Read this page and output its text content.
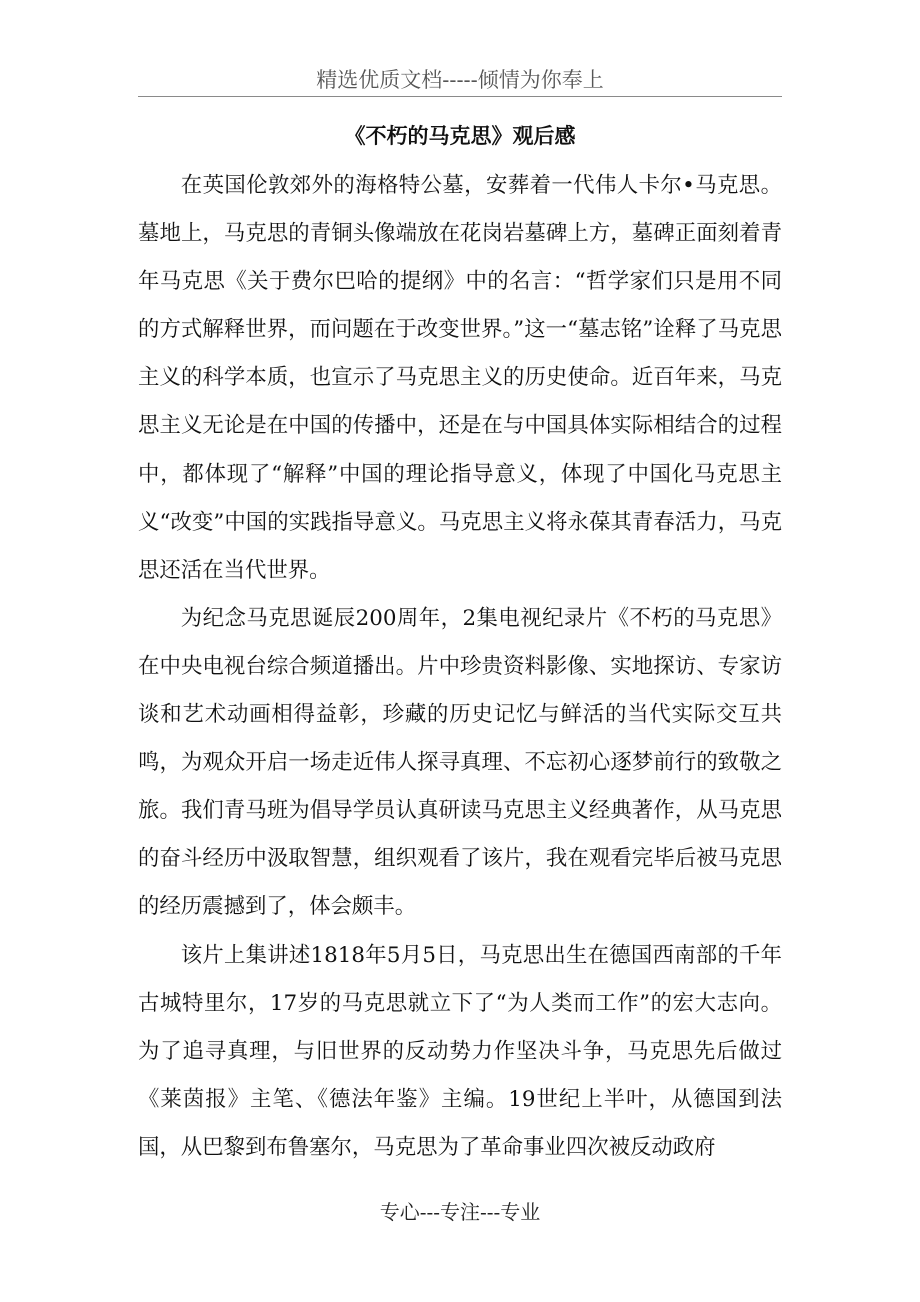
精选优质文档-----倾情为你奉上
《不朽的马克思》观后感

在英国伦敦郊外的海格特公墓，安葬着一代伟人卡尔•马克思。墓地上，马克思的青铜头像端放在花岗岩墓碑上方，墓碑正面刻着青年马克思《关于费尔巴哈的提纲》中的名言：“哲学家们只是用不同的方式解释世界，而问题在于改变世界。”这一“墓志铭”诠释了马克思主义的科学本质，也宣示了马克思主义的历史使命。近百年来，马克思主义无论是在中国的传播中，还是在与中国具体实际相结合的过程中，都体现了“解释”中国的理论指导意义，体现了中国化马克思主义“改变”中国的实践指导意义。马克思主义将永葆其青春活力，马克思还活在当代世界。

为纪念马克思诞辰200周年，2集电视纪录片《不朽的马克思》在中央电视台综合频道播出。片中珍贵资料影像、实地探访、专家访谈和艺术动画相得益彰，珍藏的历史记忆与鲜活的当代实际交互共鸣，为观众开启一场走近伟人探寻真理、不忘初心逐梦前行的致敬之旅。我们青马班为倡导学员认真研读马克思主义经典著作，从马克思的奋斗经历中汲取智慧，组织观看了该片，我在观看完毕后被马克思的经历震撼到了，体会颇丰。

该片上集讲述1818年5月5日，马克思出生在德国西南部的千年古城特里尔，17岁的马克思就立下了“为人类而工作”的宏大志向。为了追寻真理，与旧世界的反动势力作坚决斗争，马克思先后做过《莱茵报》主笔、《德法年鉴》主编。19世纪上半叶，从德国到法国，从巴黎到布鲁塞尔，马克思为了革命事业四次被反动政府

专心---专注---专业
